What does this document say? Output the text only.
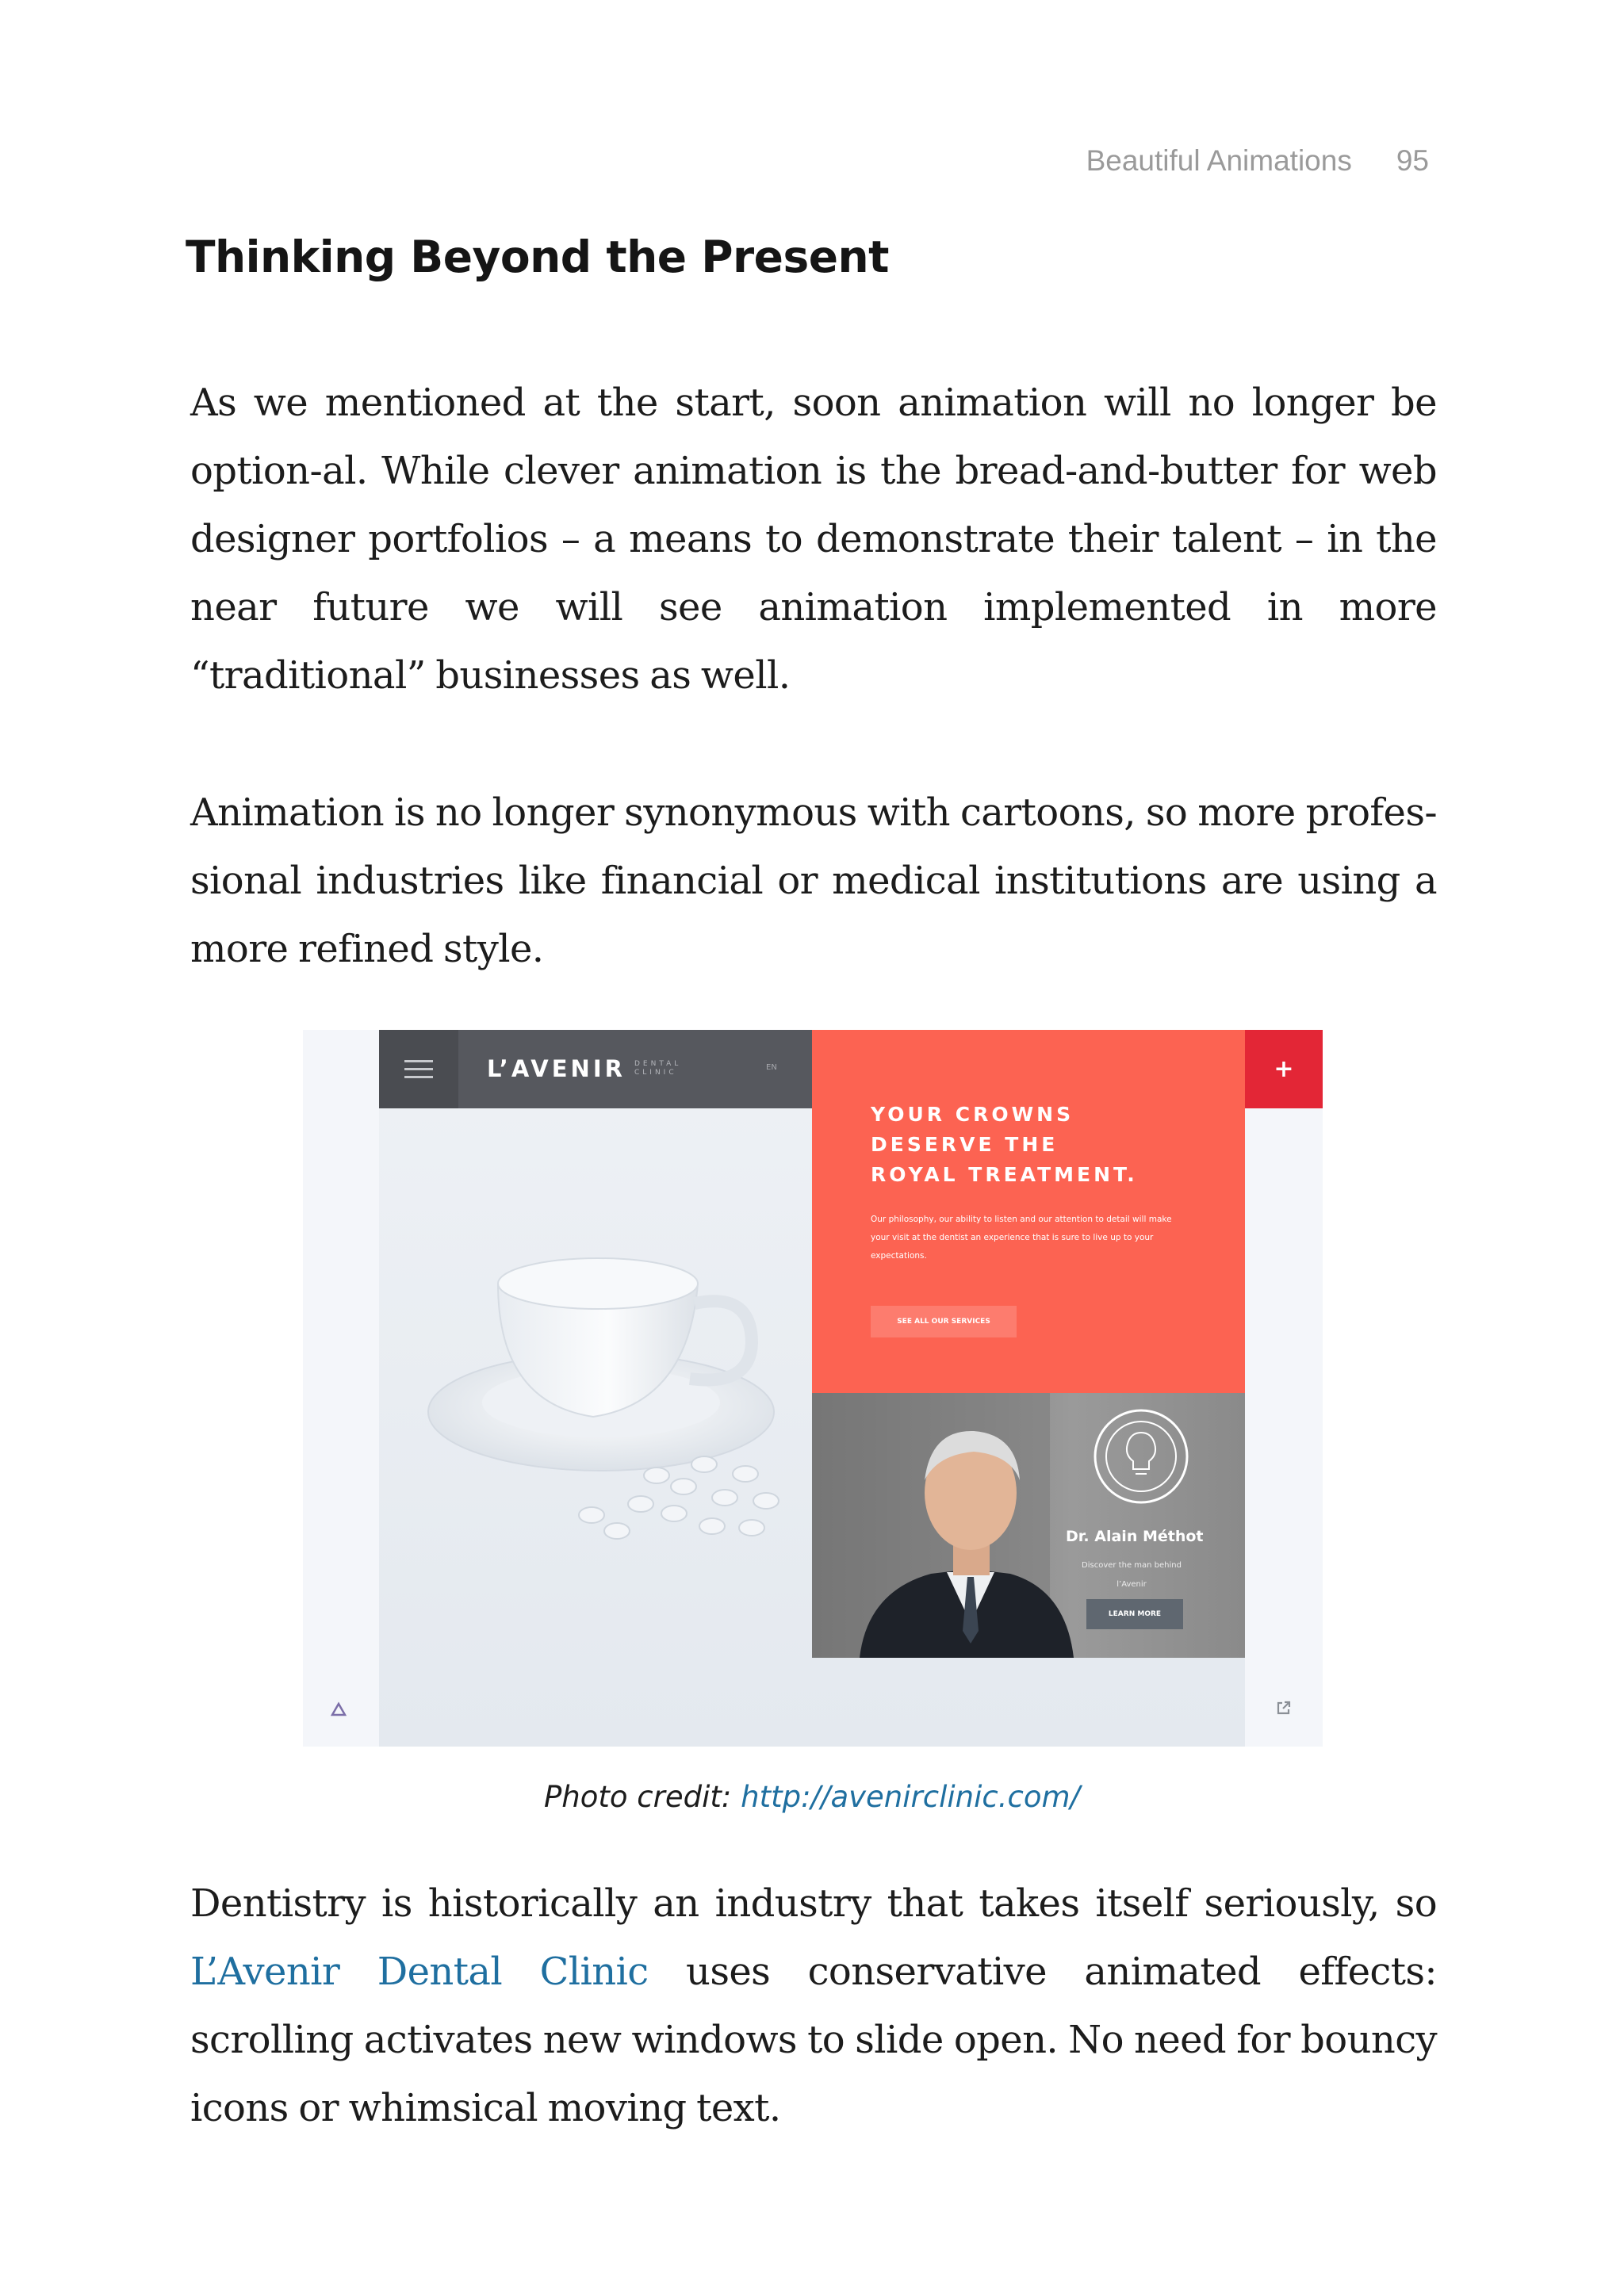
Beautiful Animations 95
Thinking Beyond the Present

As we mentioned at the start, soon animation will no longer be option-al. While clever animation is the bread-and-butter for web designer portfolios – a means to demonstrate their talent – in the near future we will see animation implemented in more “traditional” businesses as well.

Animation is no longer synonymous with cartoons, so more profes-sional industries like financial or medical institutions are using a more refined style.

L’AVENIR DENTAL CLINIC
EN

YOUR CROWNS
DESERVE THE
ROYAL TREATMENT.

Our philosophy, our ability to listen and our attention to detail will make your visit at the dentist an experience that is sure to live up to your expectations.

SEE ALL OUR SERVICES
+
Dr. Alain Méthot

Discover the man behind l’Avenir

LEARN MORE
Photo credit: http://avenirclinic.com/

Dentistry is historically an industry that takes itself seriously, so L’Avenir Dental Clinic uses conservative animated effects: scrolling activates new windows to slide open. No need for bouncy icons or whimsical moving text.
